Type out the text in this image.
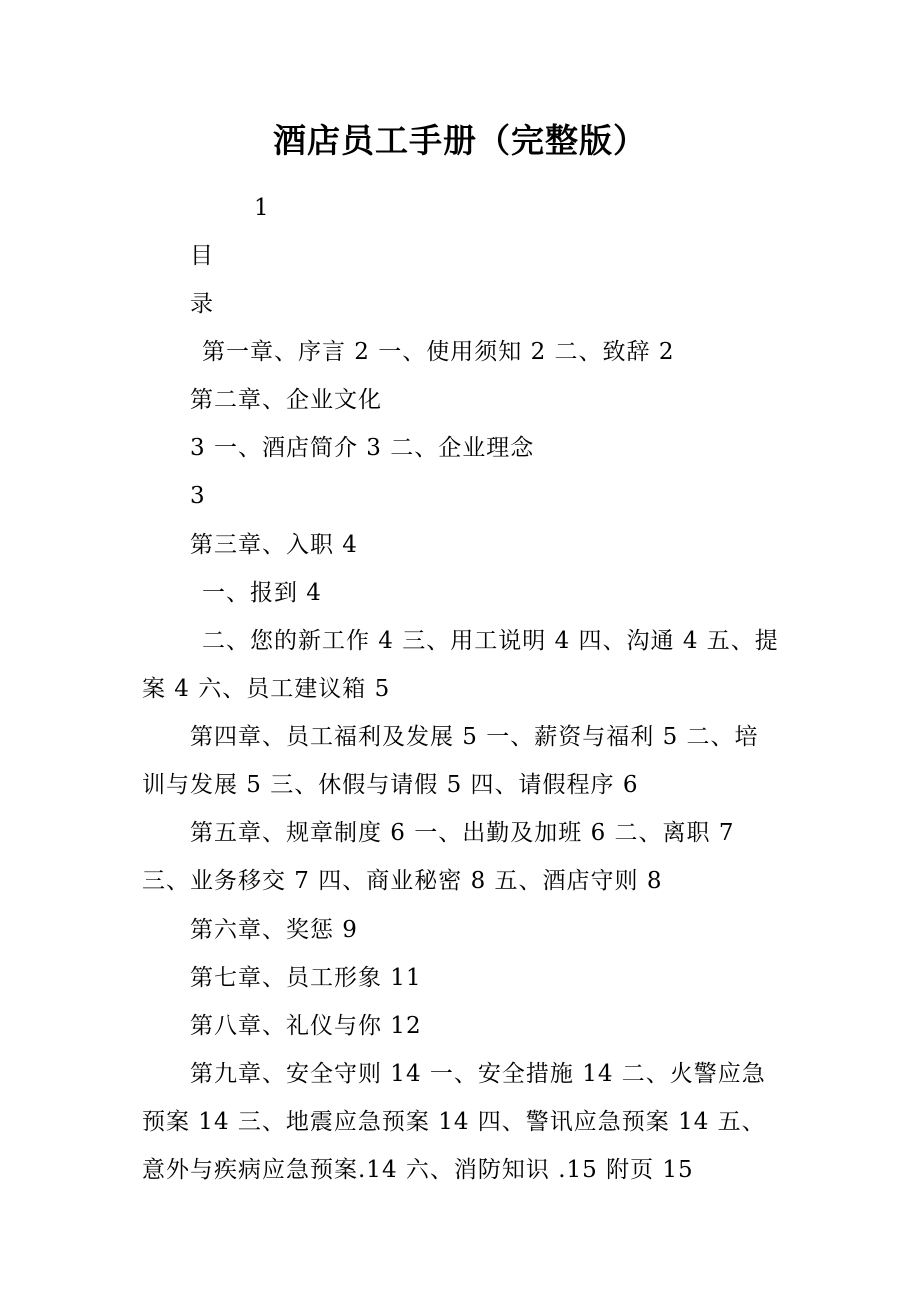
酒店员工手册（完整版）
1
目
录
第一章、序言 2 一、使用须知 2 二、致辞 2
第二章、企业文化
3 一、酒店简介 3 二、企业理念
3
第三章、入职 4
一、报到 4
二、您的新工作 4 三、用工说明 4 四、沟通 4 五、提
案 4 六、员工建议箱 5
第四章、员工福利及发展 5 一、薪资与福利 5 二、培
训与发展 5 三、休假与请假 5 四、请假程序 6
第五章、规章制度 6 一、出勤及加班 6 二、离职 7
三、业务移交 7 四、商业秘密 8 五、酒店守则 8
第六章、奖惩 9
第七章、员工形象 11
第八章、礼仪与你 12
第九章、安全守则 14 一、安全措施 14 二、火警应急
预案 14 三、地震应急预案 14 四、警讯应急预案 14 五、
意外与疾病应急预案.14 六、消防知识 .15 附页 15
